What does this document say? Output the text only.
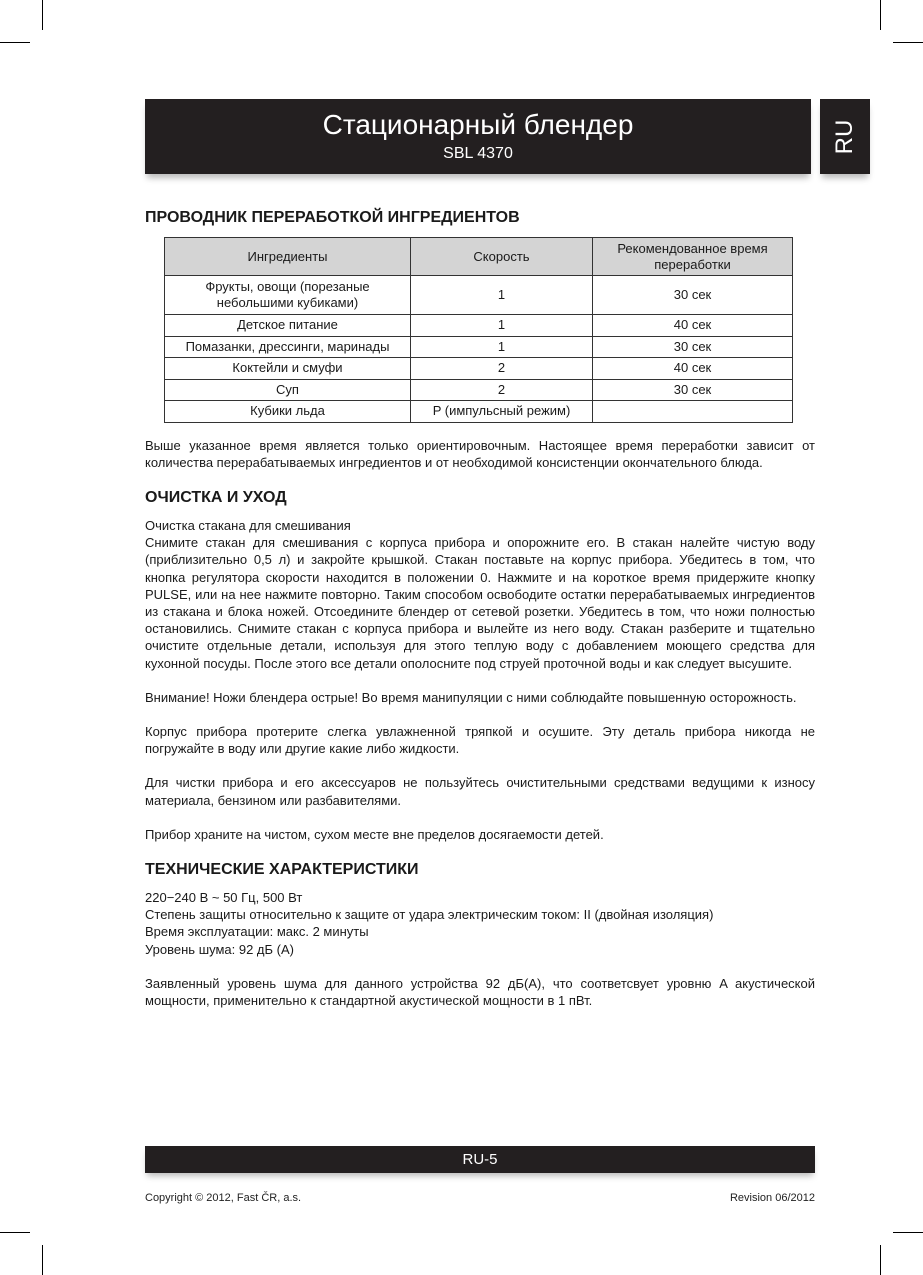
Стационарный блендер
SBL 4370	RU
ПРОВОДНИК ПЕРЕРАБОТКОЙ ИНГРЕДИЕНТОВ
Ингредиенты	Скорость	Рекомендованное время переработки
Фрукты, овощи (порезаные небольшими кубиками)	1	30 сек
Детское питание	1	40 сек
Помазанки, дрессинги, маринады	1	30 сек
Коктейли и смуфи	2	40 сек
Суп	2	30 сек
Кубики льда	P (импульсный режим)	

Выше указанное время является только ориентировочным. Настоящее время переработки зависит от количества перерабатываемых ингредиентов и от необходимой консистенции окончательного блюда.

ОЧИСТКА И УХОД

Очистка стакана для смешивания

Снимите стакан для смешивания с корпуса прибора и опорожните его. В стакан налейте чистую воду (приблизительно 0,5 л) и закройте крышкой. Стакан поставьте на корпус прибора. Убедитесь в том, что кнопка регулятора скорости находится в положении 0. Нажмите и на короткое время придержите кнопку PULSE, или на нее нажмите повторно. Таким способом освободите остатки перерабатываемых ингредиентов из стакана и блока ножей. Отсоедините блендер от сетевой розетки. Убедитесь в том, что ножи полностью остановились. Снимите стакан с корпуса прибора и вылейте из него воду. Стакан разберите и тщательно очистите отдельные детали, используя для этого теплую воду с добавлением моющего средства для кухонной посуды. После этого все детали ополосните под струей проточной воды и как следует высушите.

Внимание! Ножи блендера острые! Во время манипуляции с ними соблюдайте повышенную осторожность.

Корпус прибора протерите слегка увлажненной тряпкой и осушите. Эту деталь прибора никогда не погружайте в воду или другие какие либо жидкости.

Для чистки прибора и его аксессуаров не пользуйтесь очистительными средствами ведущими к износу материала, бензином или разбавителями.

Прибор храните на чистом, сухом месте вне пределов досягаемости детей.

ТЕХНИЧЕСКИЕ ХАРАКТЕРИСТИКИ

220−240 В ~ 50 Гц, 500 Вт

Степень защиты относительно к защите от удара электрическим током: II (двойная изоляция)

Время эксплуатации: макс. 2 минуты

Уровень шума: 92 дБ (A)

Заявленный уровень шума для данного устройства 92 дБ(A), что соответсвует уровню A акустической мощности, применительно к стандартной акустической мощности в 1 пВт.

RU-5
Copyright © 2012, Fast ČR, a.s.	Revision 06/2012
